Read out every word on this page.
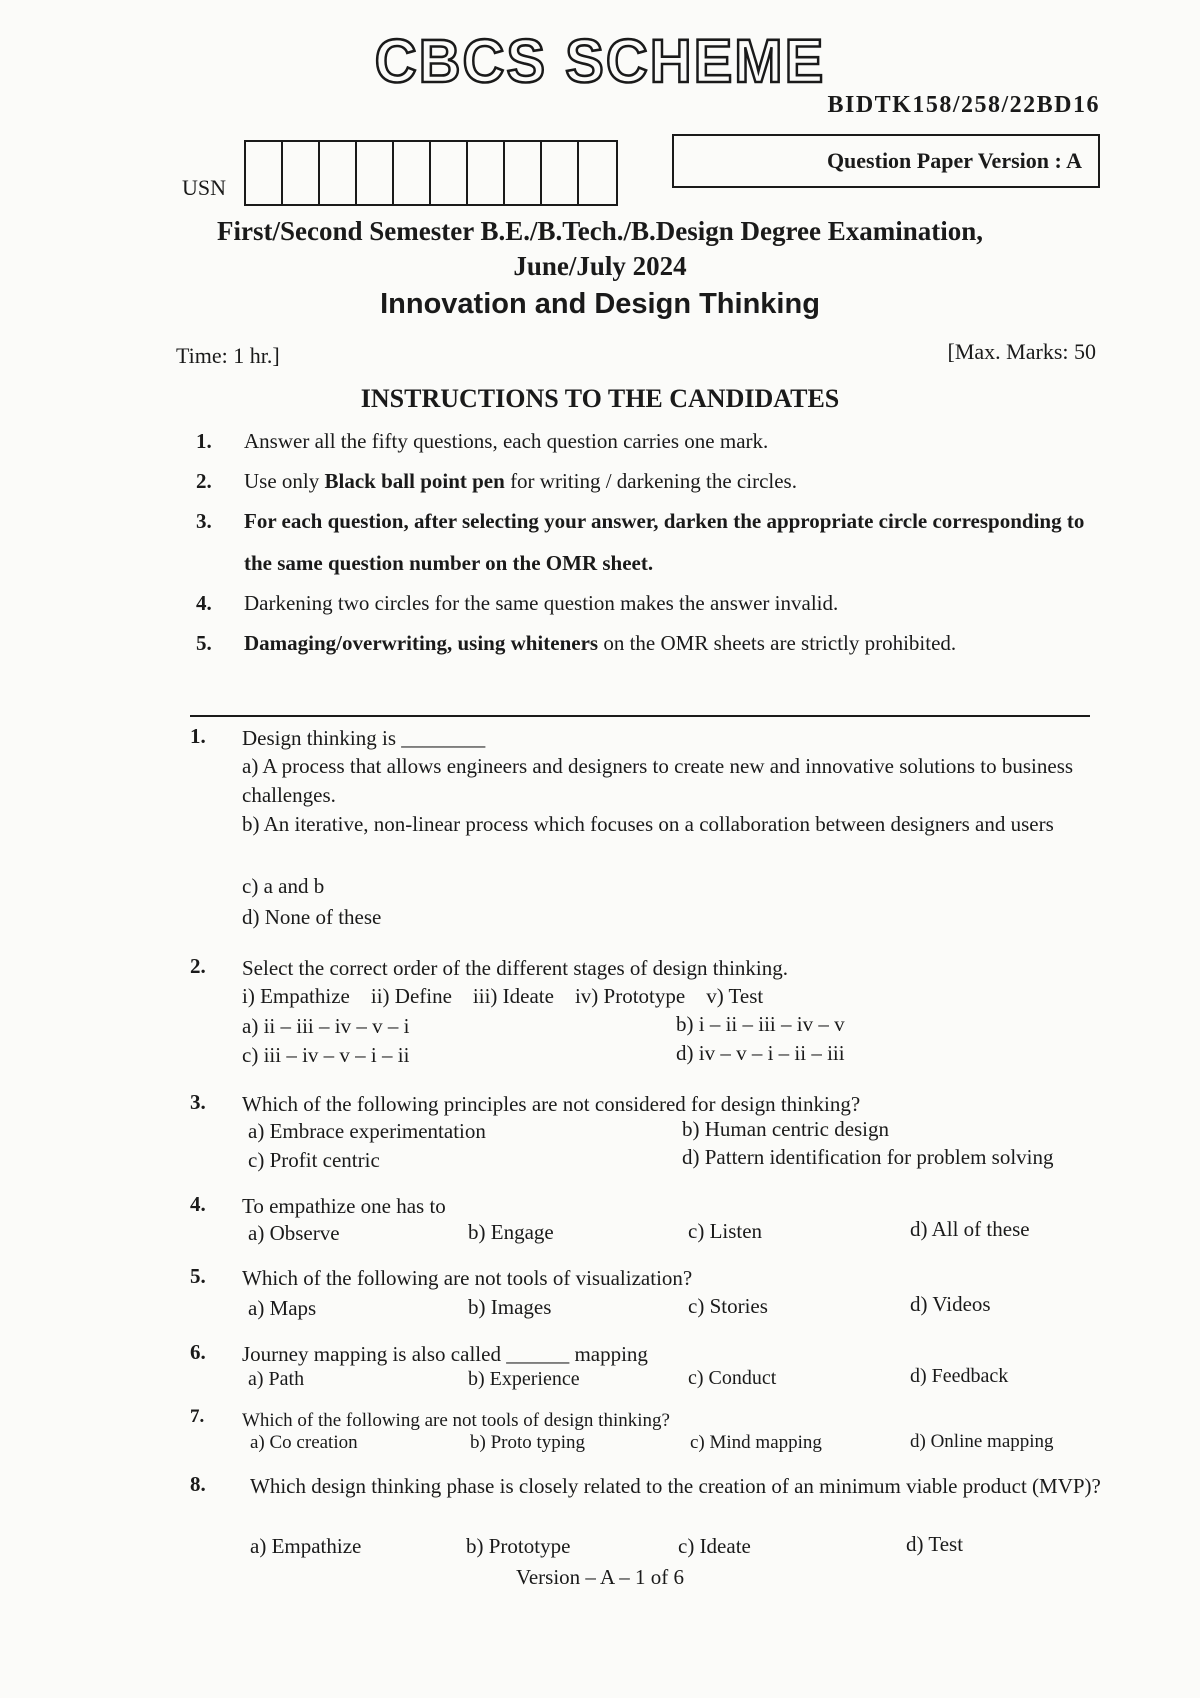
CBCS SCHEME
BIDTK158/258/22BD16
USN
Question Paper Version : A
First/Second Semester B.E./B.Tech./B.Design Degree Examination,
June/July 2024
Innovation and Design Thinking
Time: 1 hr.]	[Max. Marks: 50
INSTRUCTIONS TO THE CANDIDATES
1. Answer all the fifty questions, each question carries one mark.
2. Use only Black ball point pen for writing / darkening the circles.
3. For each question, after selecting your answer, darken the appropriate circle corresponding to the same question number on the OMR sheet.
4. Darkening two circles for the same question makes the answer invalid.
5. Damaging/overwriting, using whiteners on the OMR sheets are strictly prohibited.
1. Design thinking is ________
a) A process that allows engineers and designers to create new and innovative solutions to business challenges.
b) An iterative, non-linear process which focuses on a collaboration between designers and users
c) a and b
d) None of these
2. Select the correct order of the different stages of design thinking.
i) Empathize    ii) Define    iii) Ideate    iv) Prototype    v) Test
a) ii – iii – iv – v – i	b) i – ii – iii – iv – v
c) iii – iv – v – i – ii	d) iv – v – i – ii – iii
3. Which of the following principles are not considered for design thinking?
a) Embrace experimentation	b) Human centric design
c) Profit centric	d) Pattern identification for problem solving
4. To empathize one has to
a) Observe	b) Engage	c) Listen	d) All of these
5. Which of the following are not tools of visualization?
a) Maps	b) Images	c) Stories	d) Videos
6. Journey mapping is also called ______ mapping
a) Path	b) Experience	c) Conduct	d) Feedback
7. Which of the following are not tools of design thinking?
a) Co creation	b) Proto typing	c) Mind mapping	d) Online mapping
8. Which design thinking phase is closely related to the creation of an minimum viable product (MVP)?
a) Empathize	b) Prototype	c) Ideate	d) Test
Version – A – 1 of 6
